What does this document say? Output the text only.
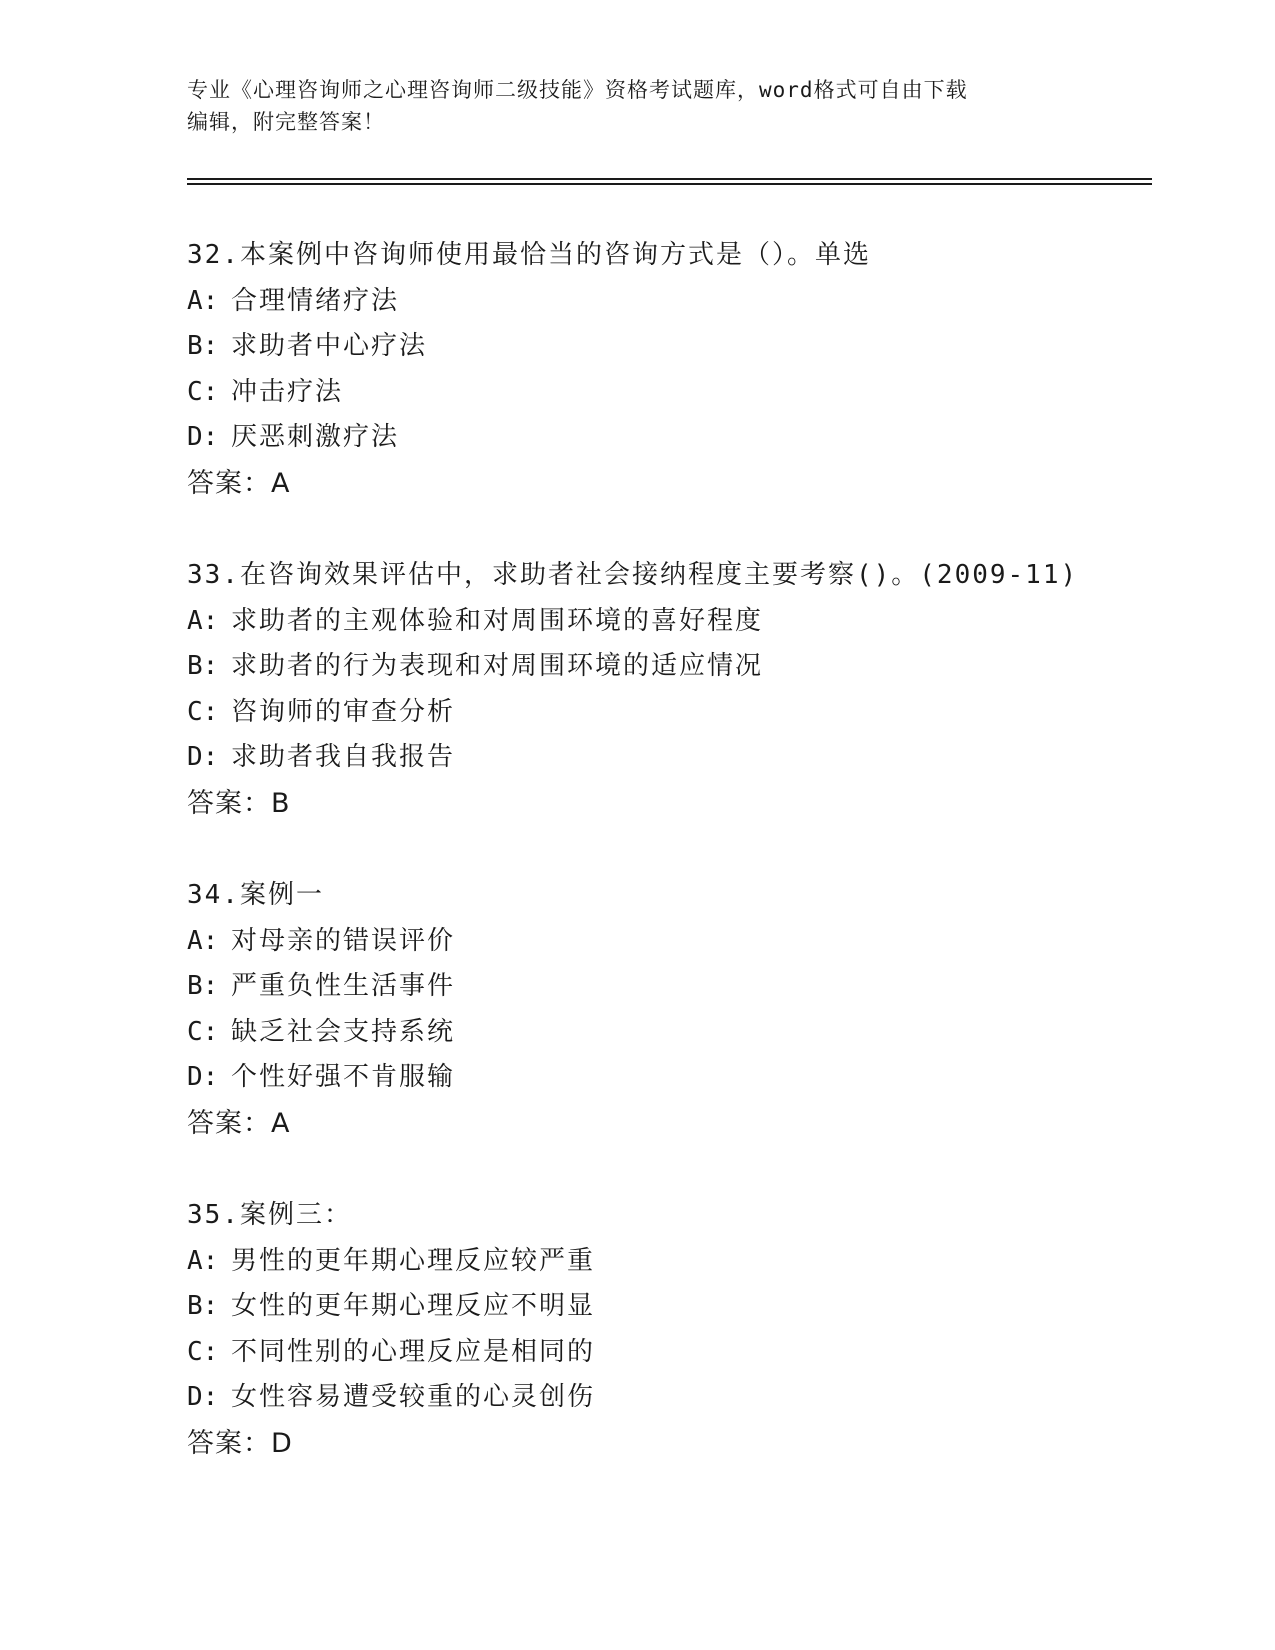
专业《心理咨询师之心理咨询师二级技能》资格考试题库，word格式可自由下载
编辑，附完整答案！
32.本案例中咨询师使用最恰当的咨询方式是（）。单选
A: 合理情绪疗法
B: 求助者中心疗法
C: 冲击疗法
D: 厌恶刺激疗法
答案：A
33.在咨询效果评估中，求助者社会接纳程度主要考察()。(2009-11)
A: 求助者的主观体验和对周围环境的喜好程度
B: 求助者的行为表现和对周围环境的适应情况
C: 咨询师的审查分析
D: 求助者我自我报告
答案：B
34.案例一
A: 对母亲的错误评价
B: 严重负性生活事件
C: 缺乏社会支持系统
D: 个性好强不肯服输
答案：A
35.案例三：
A: 男性的更年期心理反应较严重
B: 女性的更年期心理反应不明显
C: 不同性别的心理反应是相同的
D: 女性容易遭受较重的心灵创伤
答案：D
